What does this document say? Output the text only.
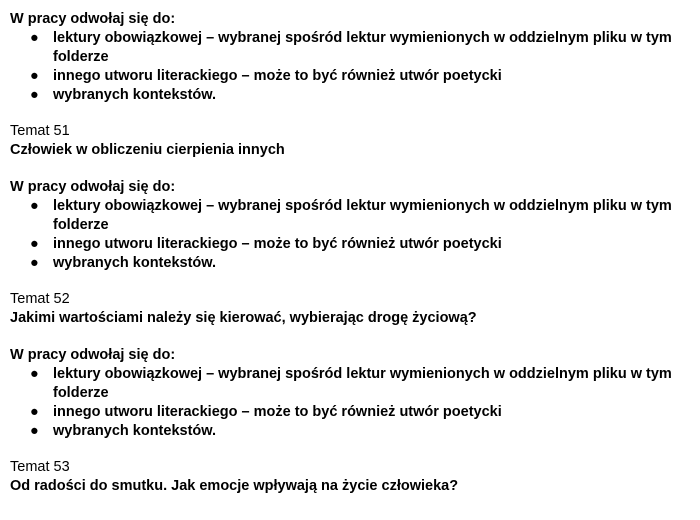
W pracy odwołaj się do:
● lektury obowiązkowej – wybranej spośród lektur wymienionych w oddzielnym pliku w tym folderze
● innego utworu literackiego – może to być również utwór poetycki
● wybranych kontekstów.
Temat 51
Człowiek w obliczeniu cierpienia innych
W pracy odwołaj się do:
● lektury obowiązkowej – wybranej spośród lektur wymienionych w oddzielnym pliku w tym folderze
● innego utworu literackiego – może to być również utwór poetycki
● wybranych kontekstów.
Temat 52
Jakimi wartościami należy się kierować, wybierając drogę życiową?
W pracy odwołaj się do:
● lektury obowiązkowej – wybranej spośród lektur wymienionych w oddzielnym pliku w tym folderze
● innego utworu literackiego – może to być również utwór poetycki
● wybranych kontekstów.
Temat 53
Od radości do smutku. Jak emocje wpływają na życie człowieka?
